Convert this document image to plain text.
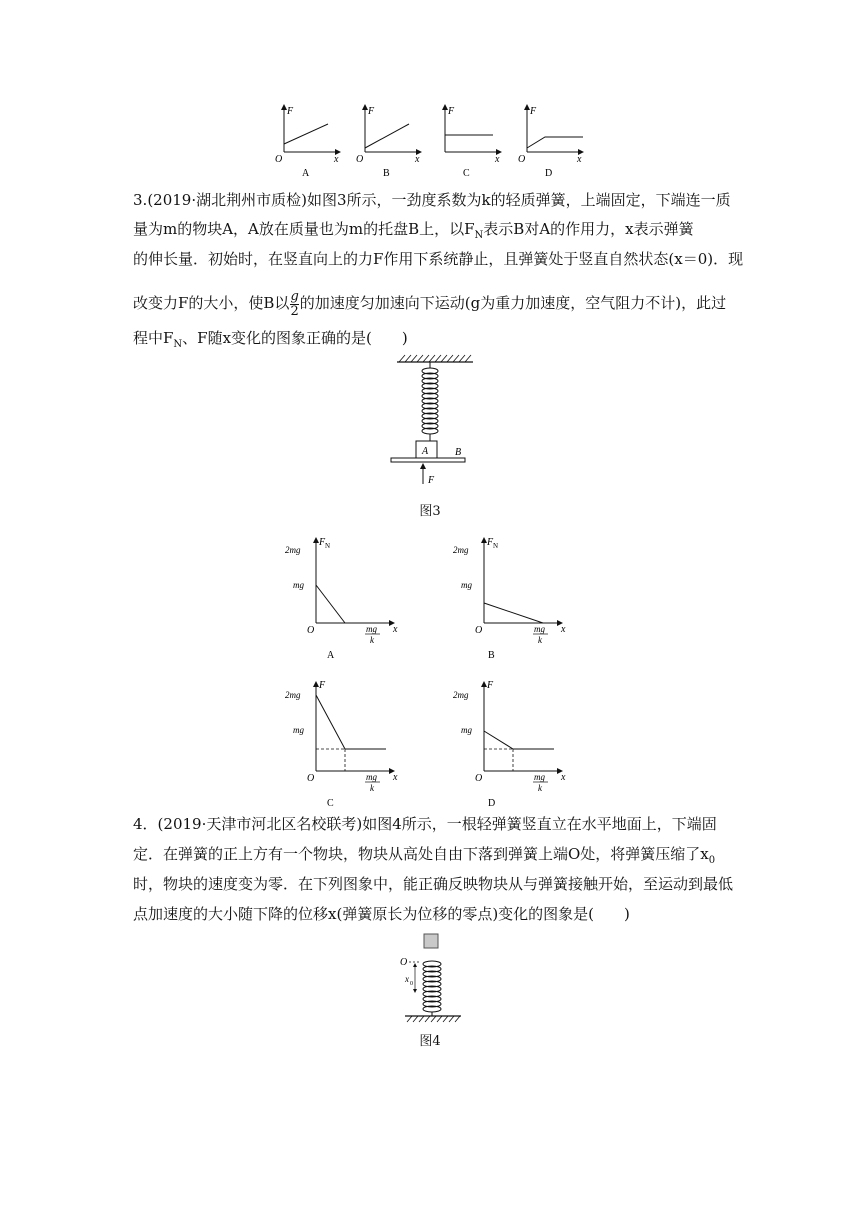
F
x
O
A
F
x
O
B
F
x
C
F
x
O
D
3.(2019·湖北荆州市质检)如图3所示，一劲度系数为k的轻质弹簧，上端固定，下端连一质
量为m的物块A，A放在质量也为m的托盘B上，以$F_N$表示B对A的作用力，x表示弹簧
的伸长量．初始时，在竖直向上的力F作用下系统静止，且弹簧处于竖直自然状态(x＝0)．现
改变力F的大小，使B以 $\frac{g}{2}$ 的加速度匀加速向下运动(g为重力加速度，空气阻力不计)，此过
程中$F_N$、F随x变化的图象正确的是(　　)
A	B
F
图3
F N
2mg
mg
O	mg
k
x
A
F N
2mg
mg
O	mg
k
x
B
F
2mg
mg
O	mg
k
x
C
F
2mg
mg
O	mg
k
x
D
4．(2019·天津市河北区名校联考)如图4所示，一根轻弹簧竖直立在水平地面上，下端固
定．在弹簧的正上方有一个物块，物块从高处自由下落到弹簧上端O处，将弹簧压缩了$x_0$
时，物块的速度变为零．在下列图象中，能正确反映物块从与弹簧接触开始，至运动到最低
点加速度的大小随下降的位移x(弹簧原长为位移的零点)变化的图象是(　　)
O
x 0
图4
